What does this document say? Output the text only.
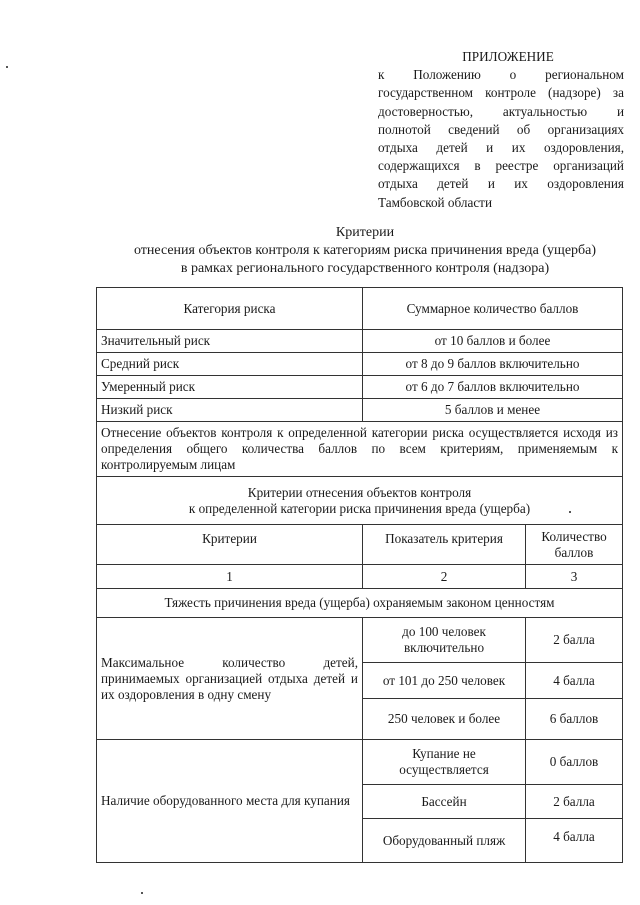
ПРИЛОЖЕНИЕ
к Положению о региональном государственном контроле (надзоре) за достоверностью, актуальностью и полнотой сведений об организациях отдыха детей и их оздоровления, содержащихся в реестре организаций отдыха детей и их оздоровления Тамбовской области
Критерии
отнесения объектов контроля к категориям риска причинения вреда (ущерба)
в рамках регионального государственного контроля (надзора)
Категория риска	Суммарное количество баллов	
Значительный риск	от 10 баллов и более	
Средний риск	от 8 до 9 баллов включительно	
Умеренный риск	от 6 до 7 баллов включительно	
Низкий риск	5 баллов и менее	
Отнесение объектов контроля к определенной категории риска осуществляется исходя из определения общего количества баллов по всем критериям, применяемым к контролируемым лицам		

Критерии отнесения объектов контроля
к определенной категории риска причинения вреда (ущерба)		

Критерии	Показатель критерия	Количество баллов
1	2	3
Тяжесть причинения вреда (ущерба) охраняемым законом ценностям		
Максимальное количество детей, принимаемых организацией отдыха детей и их оздоровления в одну смену	до 100 человек включительно	2 балла
	от 101 до 250 человек	4 балла
	250 человек и более	6 баллов
Наличие оборудованного места для купания	Купание не осуществляется	0 баллов
	Бассейн	2 балла
	Оборудованный пляж	4 балла
